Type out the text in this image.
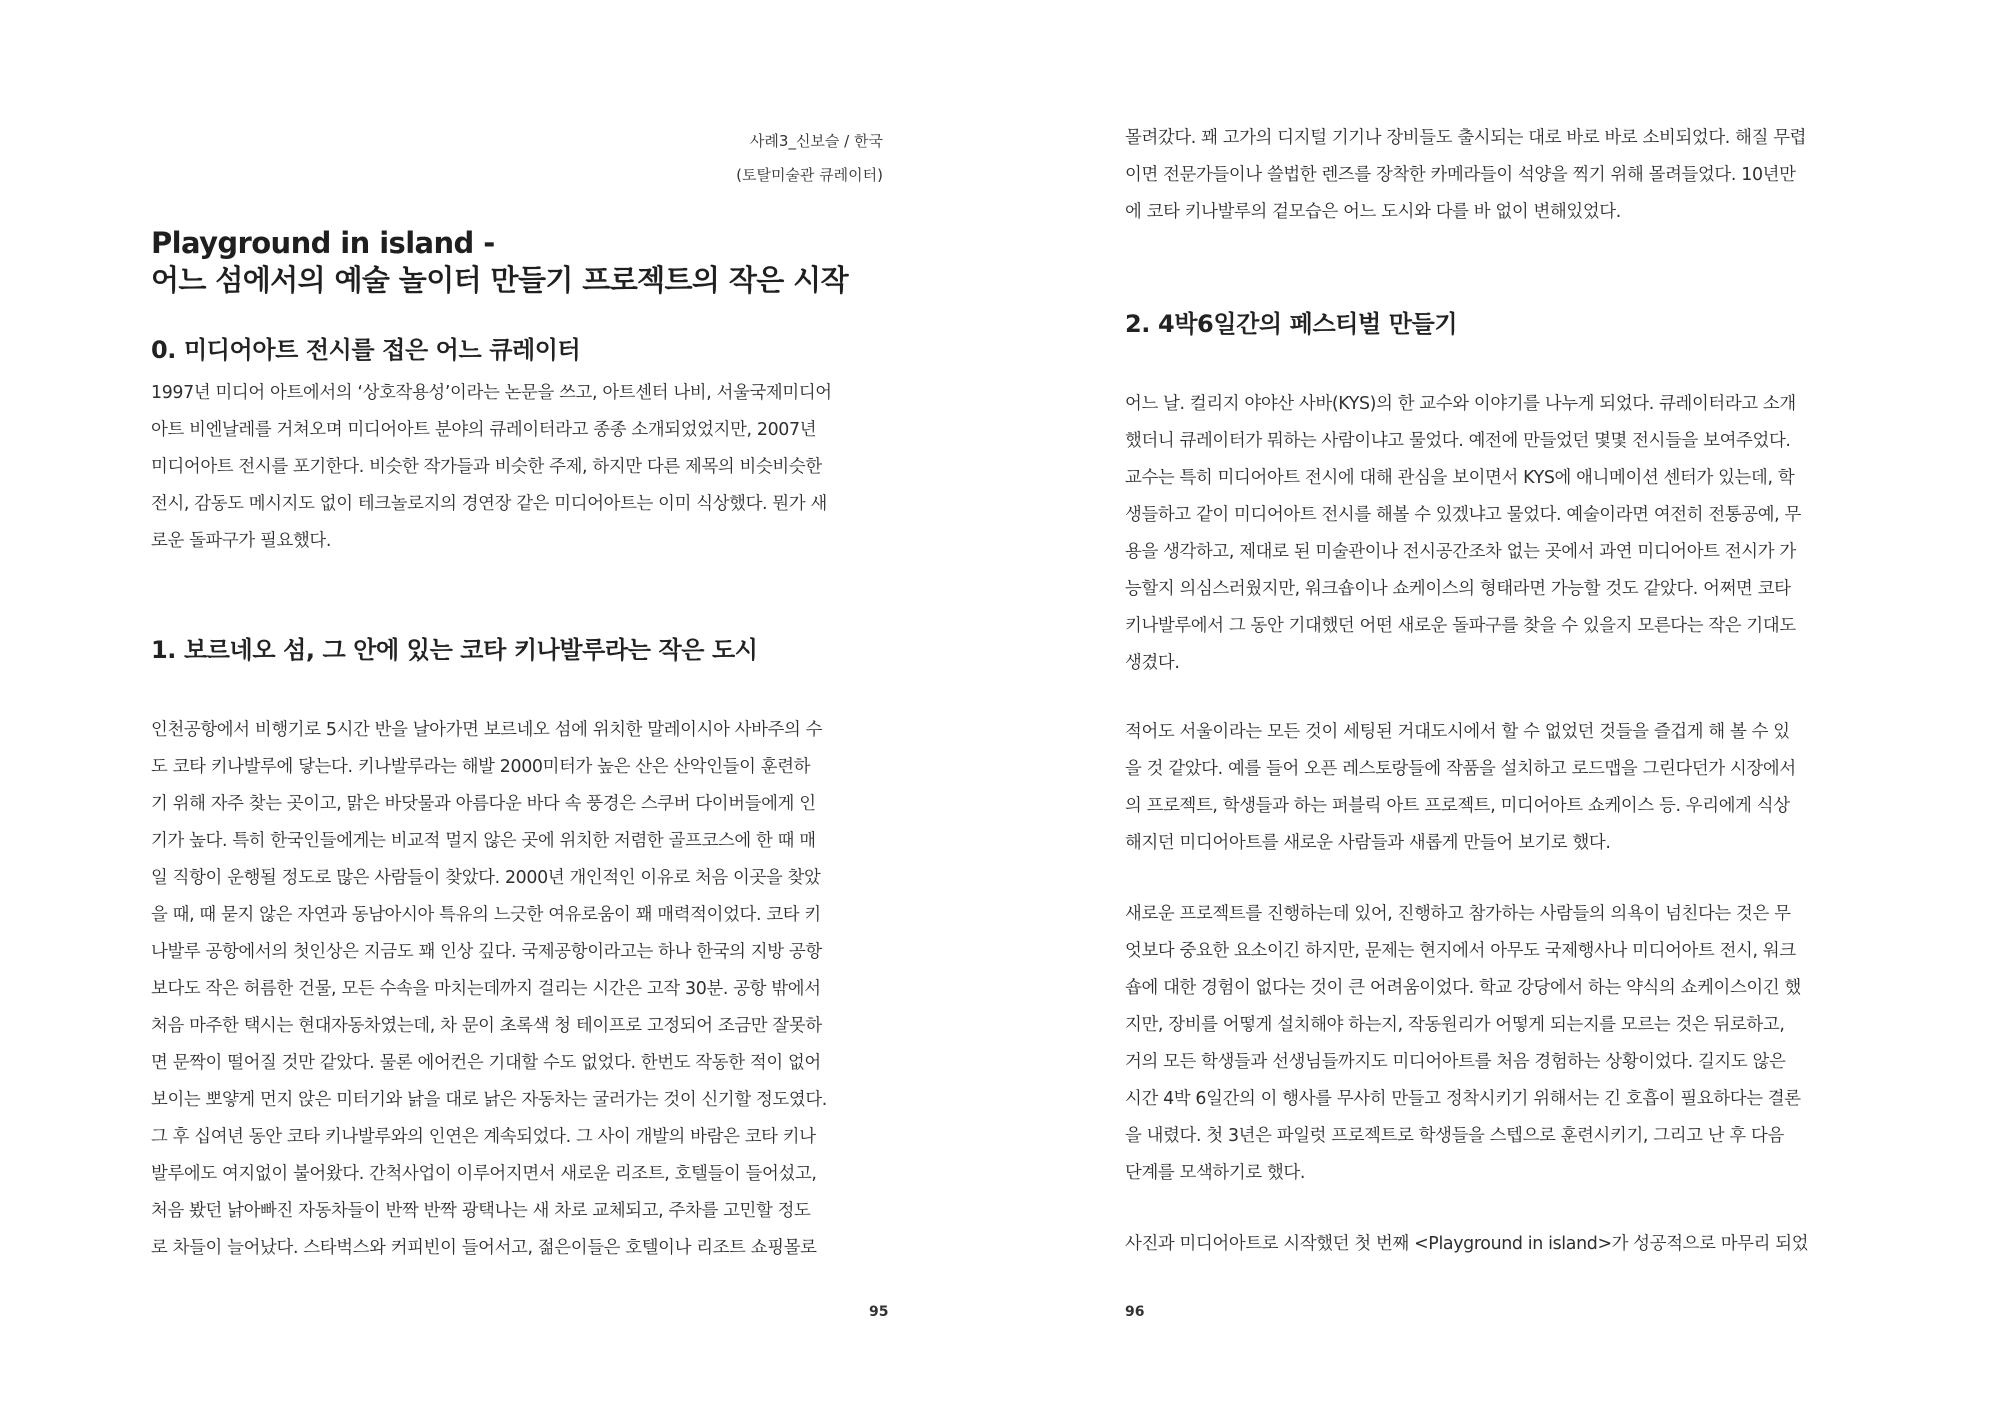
사례3_신보슬 / 한국
(토탈미술관 큐레이터)
Playground in island -
어느 섬에서의 예술 놀이터 만들기 프로젝트의 작은 시작
0. 미디어아트 전시를 접은 어느 큐레이터

1997년 미디어 아트에서의 ‘상호작용성’이라는 논문을 쓰고, 아트센터 나비, 서울국제미디어
아트 비엔날레를 거쳐오며 미디어아트 분야의 큐레이터라고 종종 소개되었었지만, 2007년
미디어아트 전시를 포기한다. 비슷한 작가들과 비슷한 주제, 하지만 다른 제목의 비슷비슷한
전시, 감동도 메시지도 없이 테크놀로지의 경연장 같은 미디어아트는 이미 식상했다. 뭔가 새
로운 돌파구가 필요했다.

1. 보르네오 섬, 그 안에 있는 코타 키나발루라는 작은 도시

인천공항에서 비행기로 5시간 반을 날아가면 보르네오 섬에 위치한 말레이시아 사바주의 수
도 코타 키나발루에 닿는다. 키나발루라는 해발 2000미터가 높은 산은 산악인들이 훈련하
기 위해 자주 찾는 곳이고, 맑은 바닷물과 아름다운 바다 속 풍경은 스쿠버 다이버들에게 인
기가 높다. 특히 한국인들에게는 비교적 멀지 않은 곳에 위치한 저렴한 골프코스에 한 때 매
일 직항이 운행될 정도로 많은 사람들이 찾았다. 2000년 개인적인 이유로 처음 이곳을 찾았
을 때, 때 묻지 않은 자연과 동남아시아 특유의 느긋한 여유로움이 꽤 매력적이었다. 코타 키
나발루 공항에서의 첫인상은 지금도 꽤 인상 깊다. 국제공항이라고는 하나 한국의 지방 공항
보다도 작은 허름한 건물, 모든 수속을 마치는데까지 걸리는 시간은 고작 30분. 공항 밖에서
처음 마주한 택시는 현대자동차였는데, 차 문이 초록색 청 테이프로 고정되어 조금만 잘못하
면 문짝이 떨어질 것만 같았다. 물론 에어컨은 기대할 수도 없었다. 한번도 작동한 적이 없어
보이는 뽀얗게 먼지 앉은 미터기와 낡을 대로 낡은 자동차는 굴러가는 것이 신기할 정도였다.
그 후 십여년 동안 코타 키나발루와의 인연은 계속되었다. 그 사이 개발의 바람은 코타 키나
발루에도 여지없이 불어왔다. 간척사업이 이루어지면서 새로운 리조트, 호텔들이 들어섰고,
처음 봤던 낡아빠진 자동차들이 반짝 반짝 광택나는 새 차로 교체되고, 주차를 고민할 정도
로 차들이 늘어났다. 스타벅스와 커피빈이 들어서고, 젊은이들은 호텔이나 리조트 쇼핑몰로

95

몰려갔다. 꽤 고가의 디지털 기기나 장비들도 출시되는 대로 바로 바로 소비되었다. 해질 무렵
이면 전문가들이나 쓸법한 렌즈를 장착한 카메라들이 석양을 찍기 위해 몰려들었다. 10년만
에 코타 키나발루의 겉모습은 어느 도시와 다를 바 없이 변해있었다.

2. 4박6일간의 페스티벌 만들기

어느 날. 컬리지 야야산 사바(KYS)의 한 교수와 이야기를 나누게 되었다. 큐레이터라고 소개
했더니 큐레이터가 뭐하는 사람이냐고 물었다. 예전에 만들었던 몇몇 전시들을 보여주었다.
교수는 특히 미디어아트 전시에 대해 관심을 보이면서 KYS에 애니메이션 센터가 있는데, 학
생들하고 같이 미디어아트 전시를 해볼 수 있겠냐고 물었다. 예술이라면 여전히 전통공예, 무
용을 생각하고, 제대로 된 미술관이나 전시공간조차 없는 곳에서 과연 미디어아트 전시가 가
능할지 의심스러웠지만, 워크숍이나 쇼케이스의 형태라면 가능할 것도 같았다. 어쩌면 코타
키나발루에서 그 동안 기대했던 어떤 새로운 돌파구를 찾을 수 있을지 모른다는 작은 기대도
생겼다.

적어도 서울이라는 모든 것이 세팅된 거대도시에서 할 수 없었던 것들을 즐겁게 해 볼 수 있
을 것 같았다. 예를 들어 오픈 레스토랑들에 작품을 설치하고 로드맵을 그린다던가 시장에서
의 프로젝트, 학생들과 하는 퍼블릭 아트 프로젝트, 미디어아트 쇼케이스 등. 우리에게 식상
해지던 미디어아트를 새로운 사람들과 새롭게 만들어 보기로 했다.

새로운 프로젝트를 진행하는데 있어, 진행하고 참가하는 사람들의 의욕이 넘친다는 것은 무
엇보다 중요한 요소이긴 하지만, 문제는 현지에서 아무도 국제행사나 미디어아트 전시, 워크
숍에 대한 경험이 없다는 것이 큰 어려움이었다. 학교 강당에서 하는 약식의 쇼케이스이긴 했
지만, 장비를 어떻게 설치해야 하는지, 작동원리가 어떻게 되는지를 모르는 것은 뒤로하고,
거의 모든 학생들과 선생님들까지도 미디어아트를 처음 경험하는 상황이었다. 길지도 않은
시간 4박 6일간의 이 행사를 무사히 만들고 정착시키기 위해서는 긴 호흡이 필요하다는 결론
을 내렸다. 첫 3년은 파일럿 프로젝트로 학생들을 스텝으로 훈련시키기, 그리고 난 후 다음
단계를 모색하기로 했다.

사진과 미디어아트로 시작했던 첫 번째 <Playground in island>가 성공적으로 마무리 되었

96
